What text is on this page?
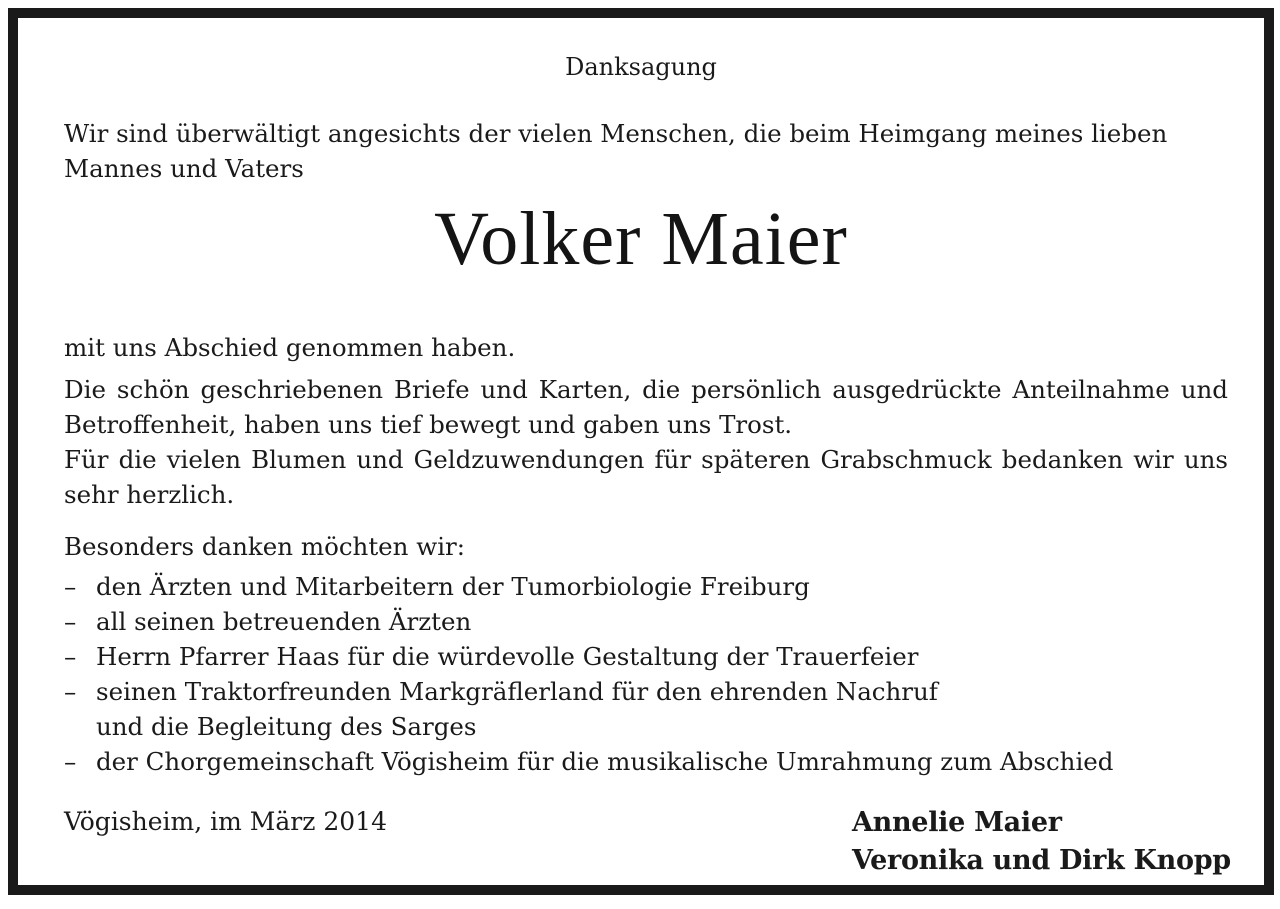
Danksagung

Wir sind überwältigt angesichts der vielen Menschen, die beim Heimgang meines lieben Mannes und Vaters

Volker Maier

mit uns Abschied genommen haben.

Die schön geschriebenen Briefe und Karten, die persönlich ausgedrückte Anteilnahme und Betroffenheit, haben uns tief bewegt und gaben uns Trost.

Für die vielen Blumen und Geldzuwendungen für späteren Grabschmuck bedanken wir uns sehr herzlich.

Besonders danken möchten wir:

– den Ärzten und Mitarbeitern der Tumorbiologie Freiburg
– all seinen betreuenden Ärzten
– Herrn Pfarrer Haas für die würdevolle Gestaltung der Trauerfeier
– seinen Traktorfreunden Markgräflerland für den ehrenden Nachruf
und die Begleitung des Sarges
– der Chorgemeinschaft Vögisheim für die musikalische Umrahmung zum Abschied
Vögisheim, im März 2014	Annelie Maier
Veronika und Dirk Knopp
